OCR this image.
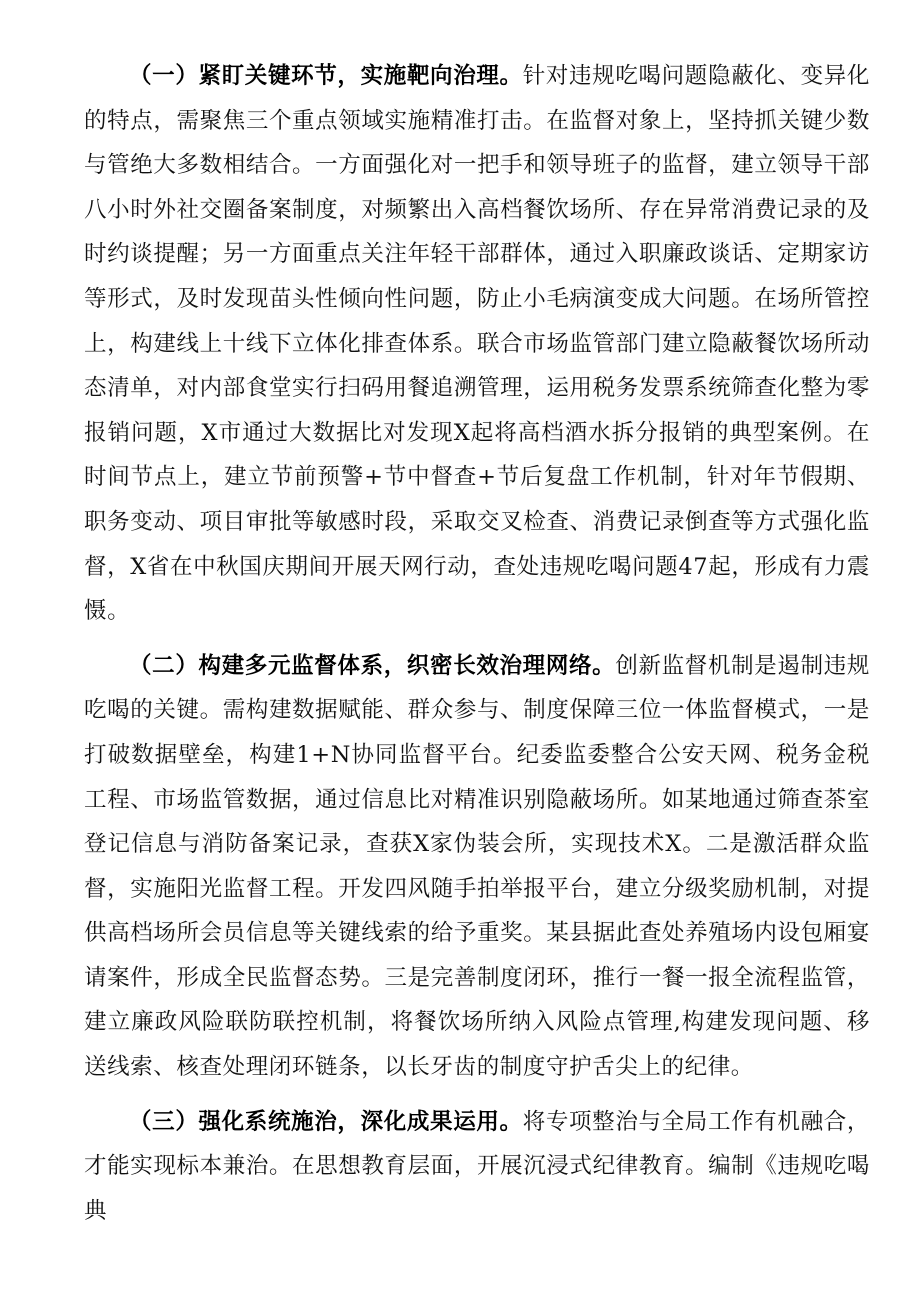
（一）紧盯关键环节，实施靶向治理。针对违规吃喝问题隐蔽化、变异化的特点，需聚焦三个重点领域实施精准打击。在监督对象上，坚持抓关键少数与管绝大多数相结合。一方面强化对一把手和领导班子的监督，建立领导干部八小时外社交圈备案制度，对频繁出入高档餐饮场所、存在异常消费记录的及时约谈提醒；另一方面重点关注年轻干部群体，通过入职廉政谈话、定期家访等形式，及时发现苗头性倾向性问题，防止小毛病演变成大问题。在场所管控上，构建线上十线下立体化排查体系。联合市场监管部门建立隐蔽餐饮场所动态清单，对内部食堂实行扫码用餐追溯管理，运用税务发票系统筛查化整为零报销问题，X市通过大数据比对发现X起将高档酒水拆分报销的典型案例。在时间节点上，建立节前预警+节中督查+节后复盘工作机制，针对年节假期、职务变动、项目审批等敏感时段，采取交叉检查、消费记录倒查等方式强化监督，X省在中秋国庆期间开展天网行动，查处违规吃喝问题47起，形成有力震慑。

（二）构建多元监督体系，织密长效治理网络。创新监督机制是遏制违规吃喝的关键。需构建数据赋能、群众参与、制度保障三位一体监督模式，一是打破数据壁垒，构建1+N协同监督平台。纪委监委整合公安天网、税务金税工程、市场监管数据，通过信息比对精准识别隐蔽场所。如某地通过筛查茶室登记信息与消防备案记录，查获X家伪装会所，实现技术X。二是激活群众监督，实施阳光监督工程。开发四风随手拍举报平台，建立分级奖励机制，对提供高档场所会员信息等关键线索的给予重奖。某县据此查处养殖场内设包厢宴请案件，形成全民监督态势。三是完善制度闭环，推行一餐一报全流程监管，建立廉政风险联防联控机制，将餐饮场所纳入风险点管理,构建发现问题、移送线索、核查处理闭环链条，以长牙齿的制度守护舌尖上的纪律。

（三）强化系统施治，深化成果运用。将专项整治与全局工作有机融合，才能实现标本兼治。在思想教育层面，开展沉浸式纪律教育。编制《违规吃喝典
